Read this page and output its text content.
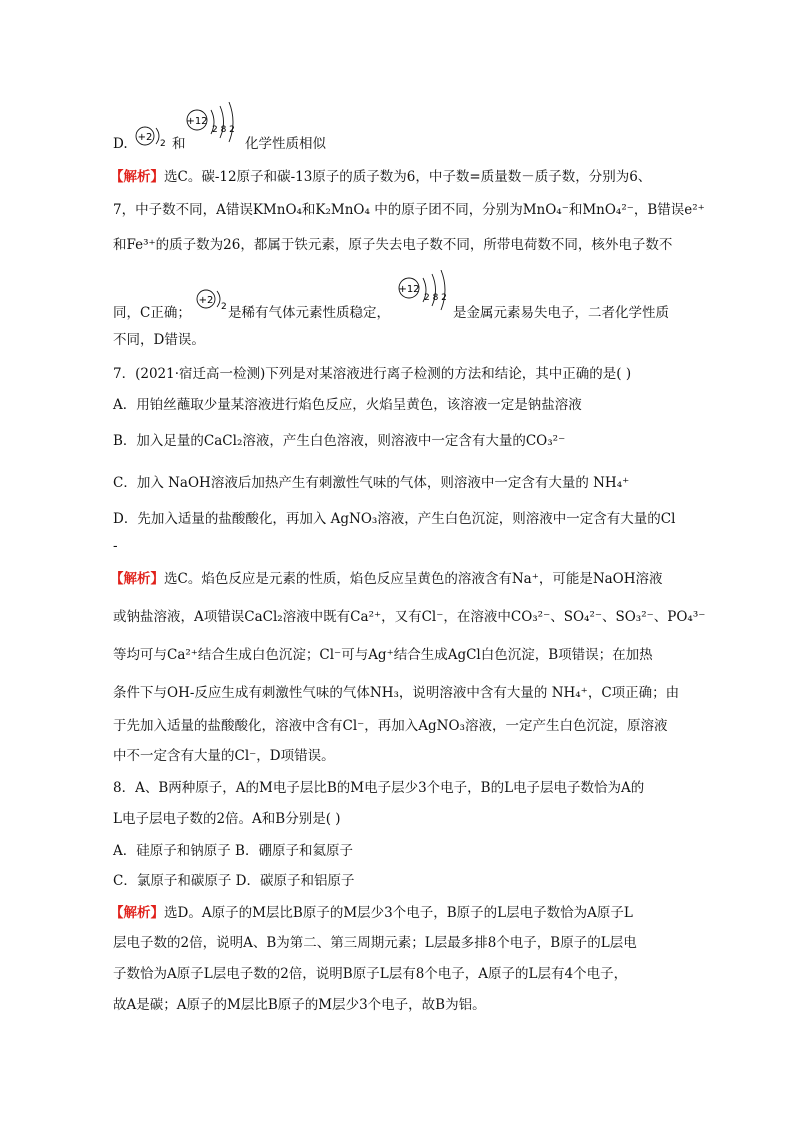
D. +2
2 和
+12
2 8 2
化学性质相似
【解析】选C。碳-12原子和碳-13原子的质子数为6，中子数=质量数－质子数，分别为6、
7，中子数不同，A错误KMnO₄和K₂MnO₄ 中的原子团不同，分别为MnO₄⁻和MnO₄²⁻，B错误e²⁺
和Fe³⁺的质子数为26，都属于铁元素，原子失去电子数不同，所带电荷数不同，核外电子数不
同，C正确；
+2
2 是稀有气体元素性质稳定，
+12
2 8 2
是金属元素易失电子，二者化学性质
不同，D错误。
7．(2021·宿迁高一检测)下列是对某溶液进行离子检测的方法和结论，其中正确的是( )
A．用铂丝蘸取少量某溶液进行焰色反应，火焰呈黄色，该溶液一定是钠盐溶液
B．加入足量的CaCl₂溶液，产生白色溶液，则溶液中一定含有大量的CO₃²⁻
C．加入 NaOH溶液后加热产生有刺激性气味的气体，则溶液中一定含有大量的 NH₄⁺
D．先加入适量的盐酸酸化，再加入 AgNO₃溶液，产生白色沉淀，则溶液中一定含有大量的Cl
-
【解析】选C。焰色反应是元素的性质，焰色反应呈黄色的溶液含有Na⁺，可能是NaOH溶液
或钠盐溶液，A项错误CaCl₂溶液中既有Ca²⁺，又有Cl⁻，在溶液中CO₃²⁻、SO₄²⁻、SO₃²⁻、PO₄³⁻
等均可与Ca²⁺结合生成白色沉淀；Cl⁻可与Ag⁺结合生成AgCl白色沉淀，B项错误；在加热
条件下与OH-反应生成有刺激性气味的气体NH₃，说明溶液中含有大量的 NH₄⁺，C项正确；由
于先加入适量的盐酸酸化，溶液中含有Cl⁻，再加入AgNO₃溶液，一定产生白色沉淀，原溶液
中不一定含有大量的Cl⁻，D项错误。
8．A、B两种原子，A的M电子层比B的M电子层少3个电子，B的L电子层电子数恰为A的
L电子层电子数的2倍。A和B分别是( )
A．硅原子和钠原子 B．硼原子和氦原子
C．氯原子和碳原子 D．碳原子和铝原子
【解析】选D。A原子的M层比B原子的M层少3个电子，B原子的L层电子数恰为A原子L
层电子数的2倍，说明A、B为第二、第三周期元素；L层最多排8个电子，B原子的L层电
子数恰为A原子L层电子数的2倍，说明B原子L层有8个电子，A原子的L层有4个电子，
故A是碳；A原子的M层比B原子的M层少3个电子，故B为铝。
